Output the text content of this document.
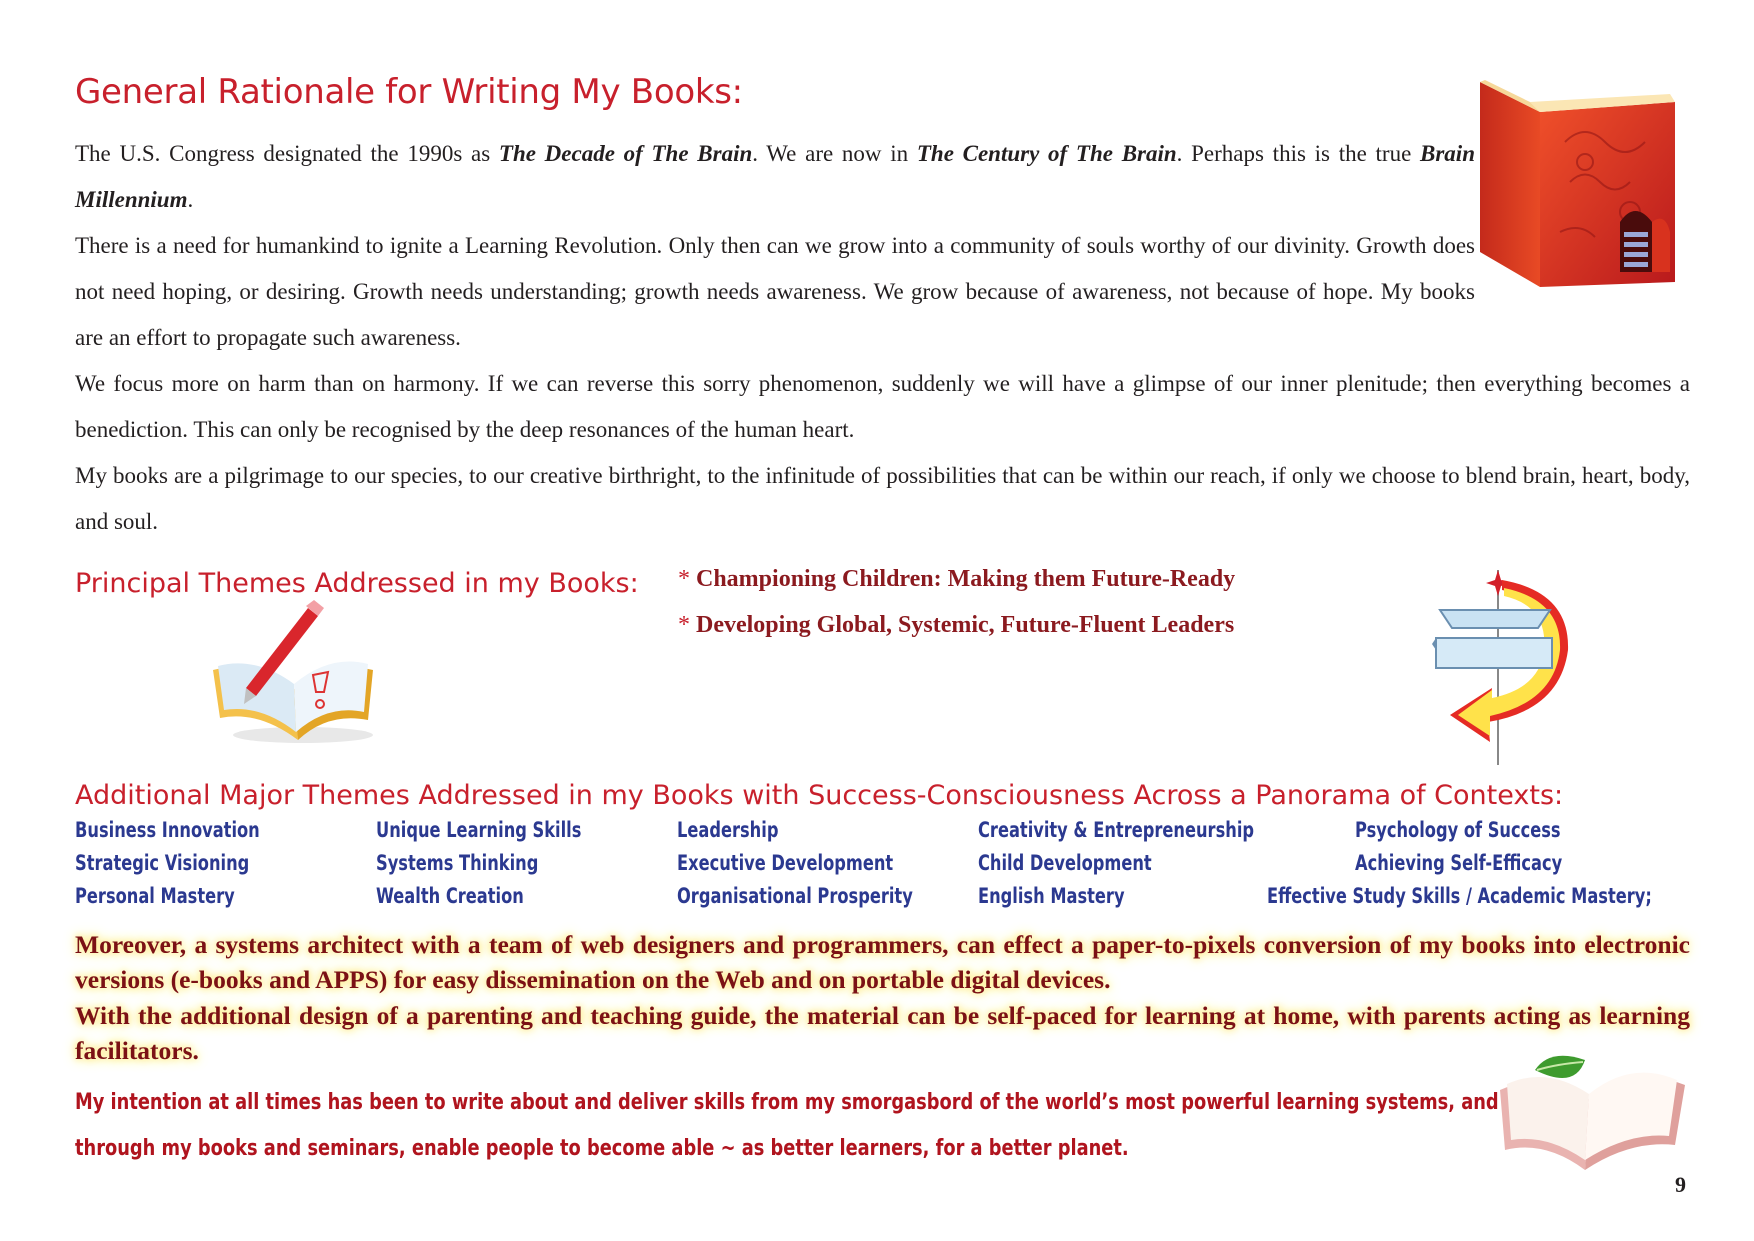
General Rationale for Writing My Books:

The U.S. Congress designated the 1990s as The Decade of The Brain. We are now in The Century of The Brain. Perhaps this is the true Brain Millennium.

There is a need for humankind to ignite a Learning Revolution. Only then can we grow into a community of souls worthy of our divinity. Growth does not need hoping, or desiring. Growth needs understanding; growth needs awareness. We grow because of awareness, not because of hope. My books are an effort to propagate such awareness.

We focus more on harm than on harmony. If we can reverse this sorry phenomenon, suddenly we will have a glimpse of our inner plenitude; then everything becomes a benediction. This can only be recognised by the deep resonances of the human heart.

My books are a pilgrimage to our species, to our creative birthright, to the infinitude of possibilities that can be within our reach, if only we choose to blend brain, heart, body, and soul.

Principal Themes Addressed in my Books: * Championing Children: Making them Future-Ready
* Developing Global, Systemic, Future-Fluent Leaders
Additional Major Themes Addressed in my Books with Success-Consciousness Across a Panorama of Contexts:
Business Innovation	Unique Learning Skills	Leadership	Creativity & Entrepreneurship	Psychology of Success
Strategic Visioning	Systems Thinking	Executive Development	Child Development	Achieving Self-Efficacy
Personal Mastery	Wealth Creation	Organisational Prosperity	English Mastery	Effective Study Skills / Academic Mastery;

Moreover, a systems architect with a team of web designers and programmers, can effect a paper-to-pixels conversion of my books into electronic versions (e-books and APPS) for easy dissemination on the Web and on portable digital devices.

With the additional design of a parenting and teaching guide, the material can be self-paced for learning at home, with parents acting as learning facilitators.

My intention at all times has been to write about and deliver skills from my smorgasbord of the world’s most powerful learning systems, and through my books and seminars, enable people to become able ~ as better learners, for a better planet.

9
